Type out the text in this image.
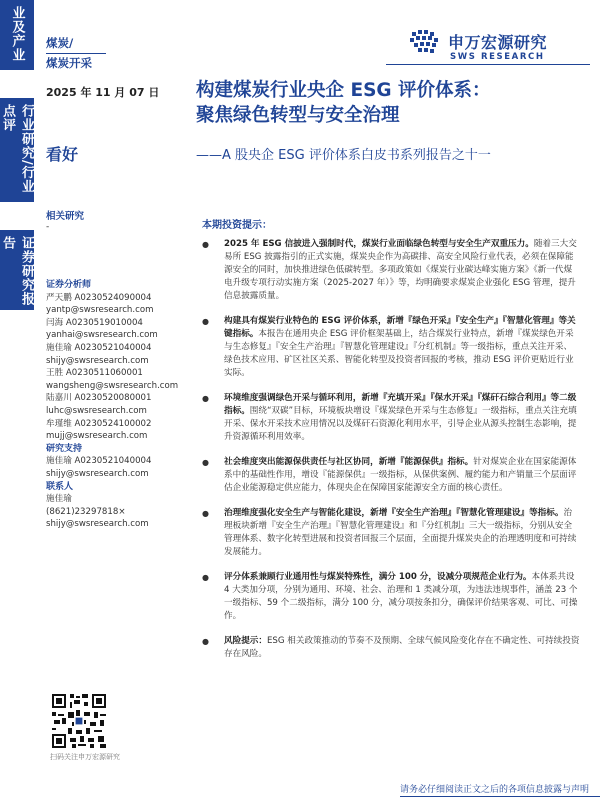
业及产业
行业研究/行业点评
证券研究报告
煤炭/
煤炭开采
2025 年 11 月 07 日
看好
相关研究
-
证券分析师
严天鹏 A0230524090004
yantp@swsresearch.com
闫海 A0230519010004
yanhai@swsresearch.com
施佳瑜 A0230521040004
shijy@swsresearch.com
王胜 A0230511060001
wangsheng@swsresearch.com
陆嘉川 A0230520080001
luhc@swsresearch.com
牟瑾维 A0230524100002
mujj@swsresearch.com
研究支持
施佳瑜 A0230521040004
shijy@swsresearch.com
联系人
施佳瑜
(8621)23297818×
shijy@swsresearch.com
申万宏源研究
SWS RESEARCH
构建煤炭行业央企 ESG 评价体系：
聚焦绿色转型与安全治理
——A 股央企 ESG 评价体系白皮书系列报告之十一
本期投资提示：
● 2025 年 ESG 信披进入强制时代，煤炭行业面临绿色转型与安全生产双重压力。随着三大交易所 ESG 披露指引的正式实施，煤炭央企作为高碳排、高安全风险行业代表，必须在保障能源安全的同时，加快推进绿色低碳转型。多项政策如《煤炭行业碳达峰实施方案》《新一代煤电升级专项行动实施方案（2025-2027 年）》等，均明确要求煤炭企业强化 ESG 管理，提升信息披露质量。
● 构建具有煤炭行业特色的 ESG 评价体系，新增『绿色开采』『安全生产』『智慧化管理』等关键指标。本报告在通用央企 ESG 评价框架基础上，结合煤炭行业特点，新增『煤炭绿色开采与生态修复』『安全生产治理』『智慧化管理建设』『分红机制』等一级指标，重点关注开采、绿色技术应用、矿区社区关系、智能化转型及投资者回报的考核，推动 ESG 评价更贴近行业实际。
● 环境维度强调绿色开采与循环利用，新增『充填开采』『保水开采』『煤矸石综合利用』等二级指标。围绕“双碳”目标，环境板块增设『煤炭绿色开采与生态修复』一级指标，重点关注充填开采、保水开采技术应用情况以及煤矸石资源化利用水平，引导企业从源头控制生态影响，提升资源循环利用效率。
● 社会维度突出能源保供责任与社区协同，新增『能源保供』指标。针对煤炭企业在国家能源体系中的基础性作用，增设『能源保供』一级指标，从保供案例、履约能力和产销量三个层面评估企业能源稳定供应能力，体现央企在保障国家能源安全方面的核心责任。
● 治理维度强化安全生产与智能化建设，新增『安全生产治理』『智慧化管理建设』等指标。治理板块新增『安全生产治理』『智慧化管理建设』和『分红机制』三大一级指标，分别从安全管理体系、数字化转型进展和投资者回报三个层面，全面提升煤炭央企的治理透明度和可持续发展能力。
● 评分体系兼顾行业通用性与煤炭特殊性，满分 100 分，设减分项规范企业行为。本体系共设 4 大类加分项，分别为通用、环境、社会、治理和 1 类减分项，为违法违规事件，涵盖 23 个一级指标、59 个二级指标，满分 100 分，减分项按条扣分，确保评价结果客观、可比、可操作。
● 风险提示：ESG 相关政策推动的节奏不及预期、全球气候风险变化存在不确定性、可持续投资存在风险。
扫码关注申万宏源研究
请务必仔细阅读正文之后的各项信息披露与声明
